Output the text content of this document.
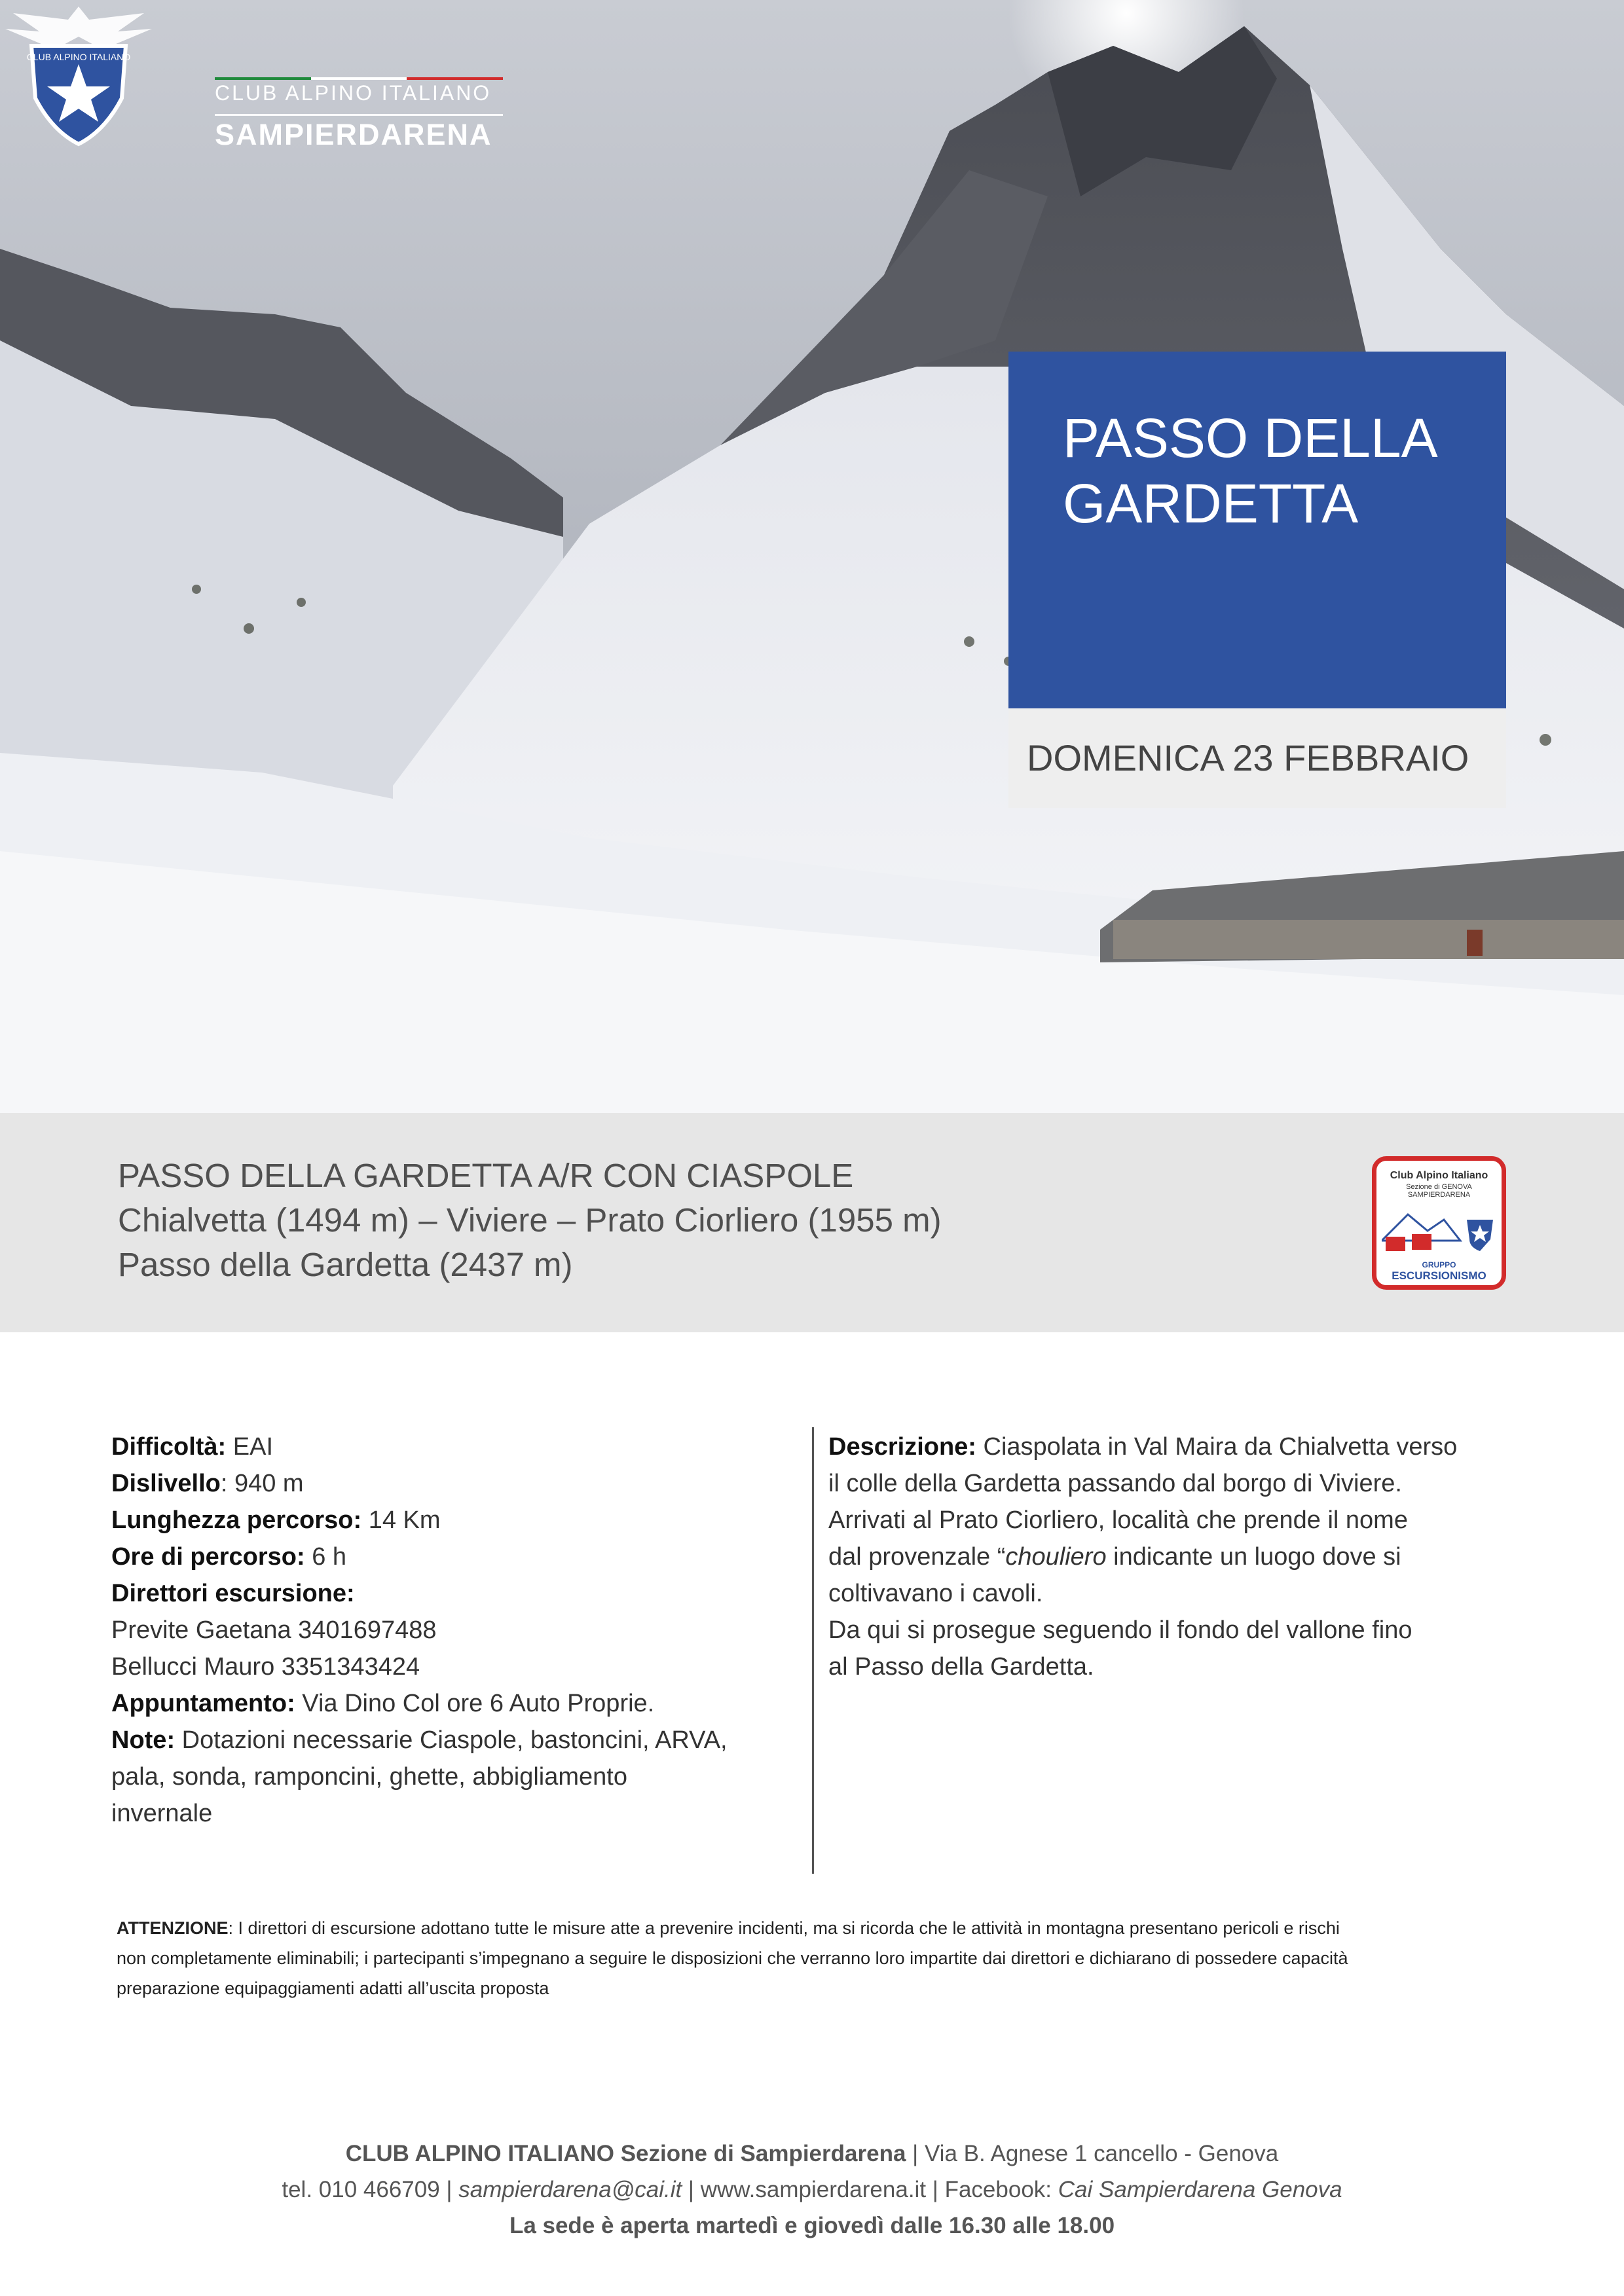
CLUB ALPINO ITALIANO
CLUB ALPINO ITALIANO
SAMPIERDARENA
PASSO DELLA GARDETTA
DOMENICA 23 FEBBRAIO
PASSO DELLA GARDETTA A/R CON CIASPOLE
Chialvetta (1494 m) – Viviere – Prato Ciorliero (1955 m)
Passo della Gardetta (2437 m)
Club Alpino Italiano
Sezione di GENOVA
SAMPIERDARENA
GRUPPO
ESCURSIONISMO
Difficoltà: EAI
Dislivello: 940 m
Lunghezza percorso: 14 Km
Ore di percorso: 6 h
Direttori escursione:
Previte Gaetana 3401697488
Bellucci Mauro 3351343424
Appuntamento: Via Dino Col ore 6 Auto Proprie.
Note: Dotazioni necessarie Ciaspole, bastoncini, ARVA,
pala, sonda, ramponcini, ghette, abbigliamento
invernale
Descrizione: Ciaspolata in Val Maira da Chialvetta verso
il colle della Gardetta passando dal borgo di Viviere.
Arrivati al Prato Ciorliero, località che prende il nome
dal provenzale “chouliero indicante un luogo dove si
coltivavano i cavoli.
Da qui si prosegue seguendo il fondo del vallone fino
al Passo della Gardetta.
ATTENZIONE: I direttori di escursione adottano tutte le misure atte a prevenire incidenti, ma si ricorda che le attività in montagna presentano pericoli e rischi
non completamente eliminabili; i partecipanti s’impegnano a seguire le disposizioni che verranno loro impartite dai direttori e dichiarano di possedere capacità
preparazione equipaggiamenti adatti all’uscita proposta
CLUB ALPINO ITALIANO Sezione di Sampierdarena | Via B. Agnese 1 cancello - Genova
tel. 010 466709 | sampierdarena@cai.it | www.sampierdarena.it | Facebook: Cai Sampierdarena Genova
La sede è aperta martedì e giovedì dalle 16.30 alle 18.00
